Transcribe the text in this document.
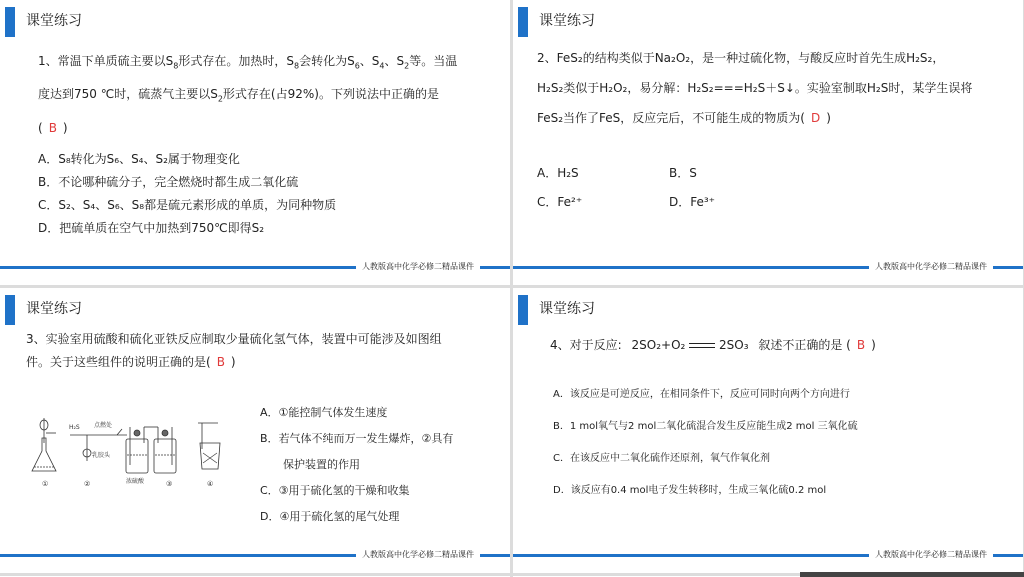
课堂练习
1、常温下单质硫主要以$S_8$形式存在。加热时，$S_8$会转化为$S_6$、$S_4$、$S_2$等。当温
度达到750 ℃时，硫蒸气主要以$S_2$形式存在(占92%)。下列说法中正确的是
( B )
A．S₈转化为S₆、S₄、S₂属于物理变化
B．不论哪种硫分子，完全燃烧时都生成二氧化硫
C．S₂、S₄、S₆、S₈都是硫元素形成的单质，为同种物质
D．把硫单质在空气中加热到750℃即得S₂
人教版高中化学必修二精品课件
课堂练习
2、FeS₂的结构类似于Na₂O₂，是一种过硫化物，与酸反应时首先生成H₂S₂，
H₂S₂类似于H₂O₂，易分解：H₂S₂===H₂S＋S↓。实验室制取H₂S时，某学生误将
FeS₂当作了FeS，反应完后，不可能生成的物质为( D )
A．H₂S	B．S
C．Fe²⁺	D．Fe³⁺
人教版高中化学必修二精品课件
课堂练习
3、实验室用硫酸和硫化亚铁反应制取少量硫化氢气体，装置中可能涉及如图组
件。关于这些组件的说明正确的是( B )
H₂S 点燃处
乳胶头
浓硫酸
①	②	③	④
A．①能控制气体发生速度
B．若气体不纯而万一发生爆炸，②具有
保护装置的作用
C．③用于硫化氢的干燥和收集
D．④用于硫化氢的尾气处理
人教版高中化学必修二精品课件
课堂练习
4、对于反应: 2SO₂+O₂	2SO₃ 叙述不正确的是 ( B )
A．该反应是可逆反应，在相同条件下，反应可同时向两个方向进行
B．1 mol氧气与2 mol二氧化硫混合发生反应能生成2 mol 三氧化硫
C．在该反应中二氧化硫作还原剂，氧气作氧化剂
D．该反应有0.4 mol电子发生转移时，生成三氧化硫0.2 mol
人教版高中化学必修二精品课件
